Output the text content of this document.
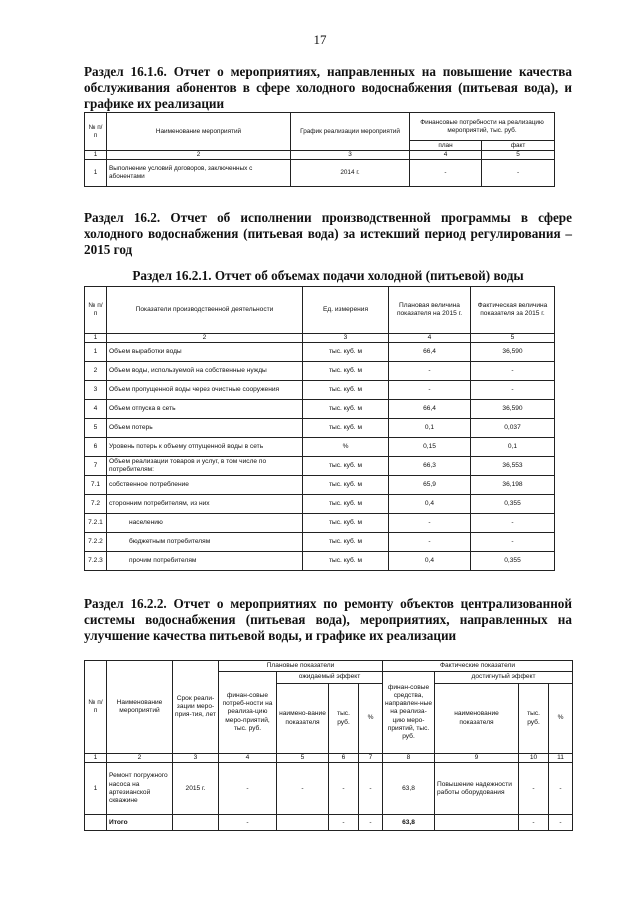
17
Раздел 16.1.6. Отчет о мероприятиях, направленных на повышение качества обслуживания абонентов в сфере холодного водоснабжения (питьевая вода), и графике их реализации
№ п/п	Наименование мероприятий	График реализации мероприятий	Финансовые потребности на реализацию мероприятий, тыс. руб.	
			план	факт
1	2	3	4	5
1	Выполнение условий договоров, заключенных с абонентами	2014 г.	-	-
Раздел 16.2. Отчет об исполнении производственной программы в сфере холодного водоснабжения (питьевая вода) за истекший период регулирования – 2015 год
Раздел 16.2.1. Отчет об объемах подачи холодной (питьевой) воды
№ п/п	Показатели производственной деятельности	Ед. измерения	Плановая величина показателя на 2015 г.	Фактическая величина показателя за 2015 г.
1	2	3	4	5
1	Объем выработки воды	тыс. куб. м	66,4	36,590
2	Объем воды, используемой на собственные нужды	тыс. куб. м	-	-
3	Объем пропущенной воды через очистные сооружения	тыс. куб. м	-	-
4	Объем отпуска в сеть	тыс. куб. м	66,4	36,590
5	Объем потерь	тыс. куб. м	0,1	0,037
6	Уровень потерь к объему отпущенной воды в сеть	%	0,15	0,1
7	Объем реализации товаров и услуг, в том числе по потребителям:	тыс. куб. м	66,3	36,553
7.1	собственное потребление	тыс. куб. м	65,9	36,198
7.2	сторонним потребителям, из них	тыс. куб. м	0,4	0,355
7.2.1	населению	тыс. куб. м	-	-
7.2.2	бюджетным потребителям	тыс. куб. м	-	-
7.2.3	прочим потребителям	тыс. куб. м	0,4	0,355
Раздел 16.2.2. Отчет о мероприятиях по ремонту объектов централизованной системы водоснабжения (питьевая вода), мероприятиях, направленных на улучшение качества питьевой воды, и графике их реализации
№ п/п	Наименование мероприятий	Срок реали-зации меро-прия-тия, лет	Плановые показатели				Фактические показатели			
			финан-совые потреб-ности на реализа-цию меро-приятий, тыс. руб.	ожидаемый эффект			финан-совые средства, направлен-ные на реализа-цию меро-приятий, тыс. руб.	достигнутый эффект		
				наимено-вание показателя	тыс. руб.	%		наименование показателя	тыс. руб.	%
1	2	3	4	5	6	7	8	9	10	11
1	Ремонт погружного насоса на артезианской скважине	2015 г.	-	-	-	-	63,8	Повышение надежности работы оборудования	-	-
	Итого		-		-	-	63,8		-	-
